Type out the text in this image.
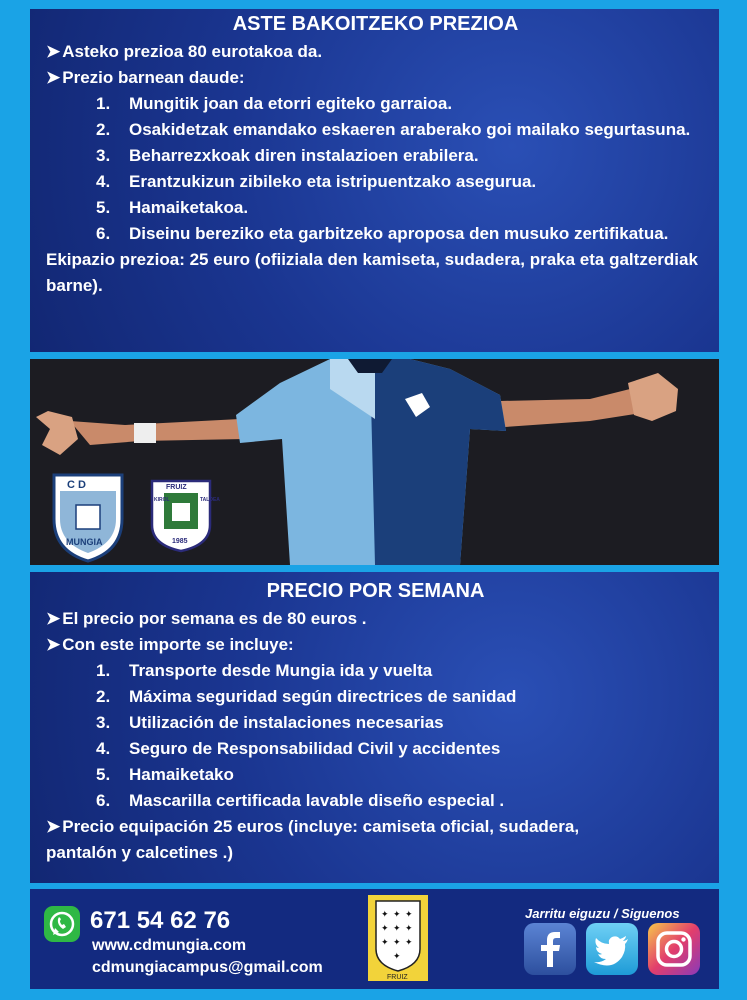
ASTE BAKOITZEKO PREZIOA
➤ Asteko prezioa 80 eurotakoa da.
➤ Prezio barnean daude:
1.	Mungitik joan da etorri egiteko garraioa.
2.	Osakidetzak emandako eskaeren araberako goi mailako segurtasuna.
3.	Beharrezxkoak diren instalazioen erabilera.
4.	Erantzukizun zibileko eta istripuentzako asegurua.
5.	Hamaiketakoa.
6.	Diseinu bereziko eta garbitzeko aproposa den musuko zertifikatua.
Ekipazio prezioa: 25 euro (ofiiziala den kamiseta, sudadera, praka eta galtzerdiak barne).
C D
MUNGIA
FRUIZ
KIROL	TALDEA
1985
PRECIO POR SEMANA
➤ El precio por semana es de 80 euros .
➤ Con este importe se incluye:
1.	Transporte desde Mungia ida y vuelta
2.	Máxima seguridad según directrices de sanidad
3.	Utilización de instalaciones necesarias
4.	Seguro de Responsabilidad Civil y accidentes
5.	Hamaiketako
6.	Mascarilla certificada lavable diseño especial .
➤ Precio equipación 25 euros (incluye: camiseta oficial, sudadera,
pantalón y calcetines .)
671 54 62 76
www.cdmungia.com
cdmungiacampus@gmail.com
✦ ✦ ✦
✦ ✦ ✦
✦ ✦ ✦
✦
FRUIZ
Jarritu eiguzu / Siguenos
